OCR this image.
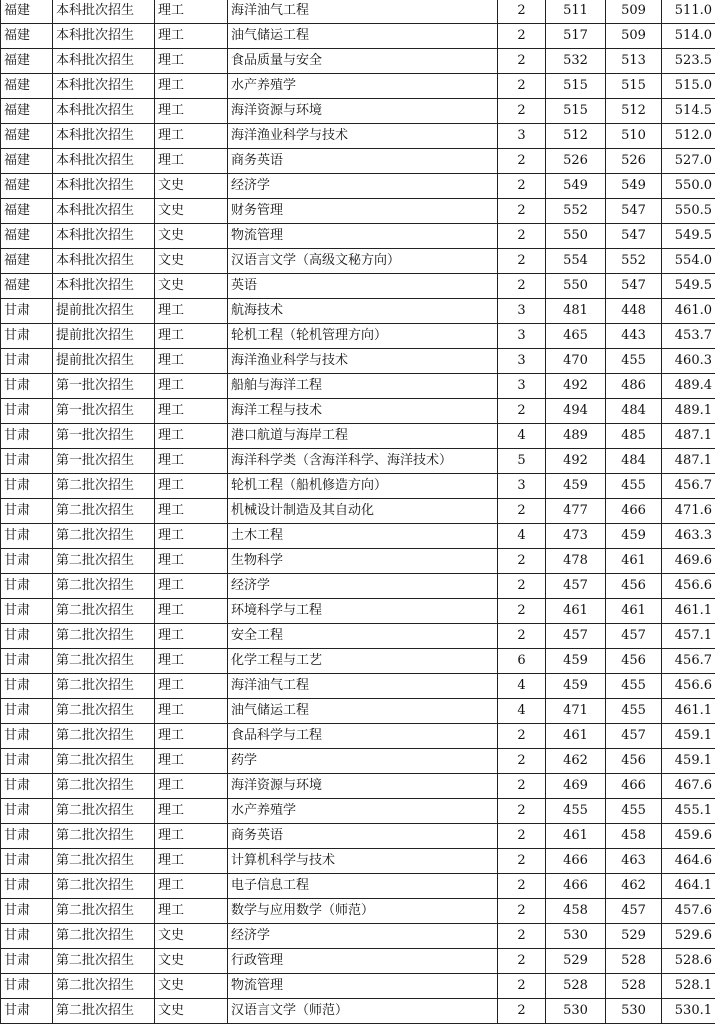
福建	本科批次招生	理工	海洋油气工程	2	511	509	511.0
福建	本科批次招生	理工	油气储运工程	2	517	509	514.0
福建	本科批次招生	理工	食品质量与安全	2	532	513	523.5
福建	本科批次招生	理工	水产养殖学	2	515	515	515.0
福建	本科批次招生	理工	海洋资源与环境	2	515	512	514.5
福建	本科批次招生	理工	海洋渔业科学与技术	3	512	510	512.0
福建	本科批次招生	理工	商务英语	2	526	526	527.0
福建	本科批次招生	文史	经济学	2	549	549	550.0
福建	本科批次招生	文史	财务管理	2	552	547	550.5
福建	本科批次招生	文史	物流管理	2	550	547	549.5
福建	本科批次招生	文史	汉语言文学（高级文秘方向）	2	554	552	554.0
福建	本科批次招生	文史	英语	2	550	547	549.5
甘肃	提前批次招生	理工	航海技术	3	481	448	461.0
甘肃	提前批次招生	理工	轮机工程（轮机管理方向）	3	465	443	453.7
甘肃	提前批次招生	理工	海洋渔业科学与技术	3	470	455	460.3
甘肃	第一批次招生	理工	船舶与海洋工程	3	492	486	489.4
甘肃	第一批次招生	理工	海洋工程与技术	2	494	484	489.1
甘肃	第一批次招生	理工	港口航道与海岸工程	4	489	485	487.1
甘肃	第一批次招生	理工	海洋科学类（含海洋科学、海洋技术）	5	492	484	487.1
甘肃	第二批次招生	理工	轮机工程（船机修造方向）	3	459	455	456.7
甘肃	第二批次招生	理工	机械设计制造及其自动化	2	477	466	471.6
甘肃	第二批次招生	理工	土木工程	4	473	459	463.3
甘肃	第二批次招生	理工	生物科学	2	478	461	469.6
甘肃	第二批次招生	理工	经济学	2	457	456	456.6
甘肃	第二批次招生	理工	环境科学与工程	2	461	461	461.1
甘肃	第二批次招生	理工	安全工程	2	457	457	457.1
甘肃	第二批次招生	理工	化学工程与工艺	6	459	456	456.7
甘肃	第二批次招生	理工	海洋油气工程	4	459	455	456.6
甘肃	第二批次招生	理工	油气储运工程	4	471	455	461.1
甘肃	第二批次招生	理工	食品科学与工程	2	461	457	459.1
甘肃	第二批次招生	理工	药学	2	462	456	459.1
甘肃	第二批次招生	理工	海洋资源与环境	2	469	466	467.6
甘肃	第二批次招生	理工	水产养殖学	2	455	455	455.1
甘肃	第二批次招生	理工	商务英语	2	461	458	459.6
甘肃	第二批次招生	理工	计算机科学与技术	2	466	463	464.6
甘肃	第二批次招生	理工	电子信息工程	2	466	462	464.1
甘肃	第二批次招生	理工	数学与应用数学（师范）	2	458	457	457.6
甘肃	第二批次招生	文史	经济学	2	530	529	529.6
甘肃	第二批次招生	文史	行政管理	2	529	528	528.6
甘肃	第二批次招生	文史	物流管理	2	528	528	528.1
甘肃	第二批次招生	文史	汉语言文学（师范）	2	530	530	530.1
